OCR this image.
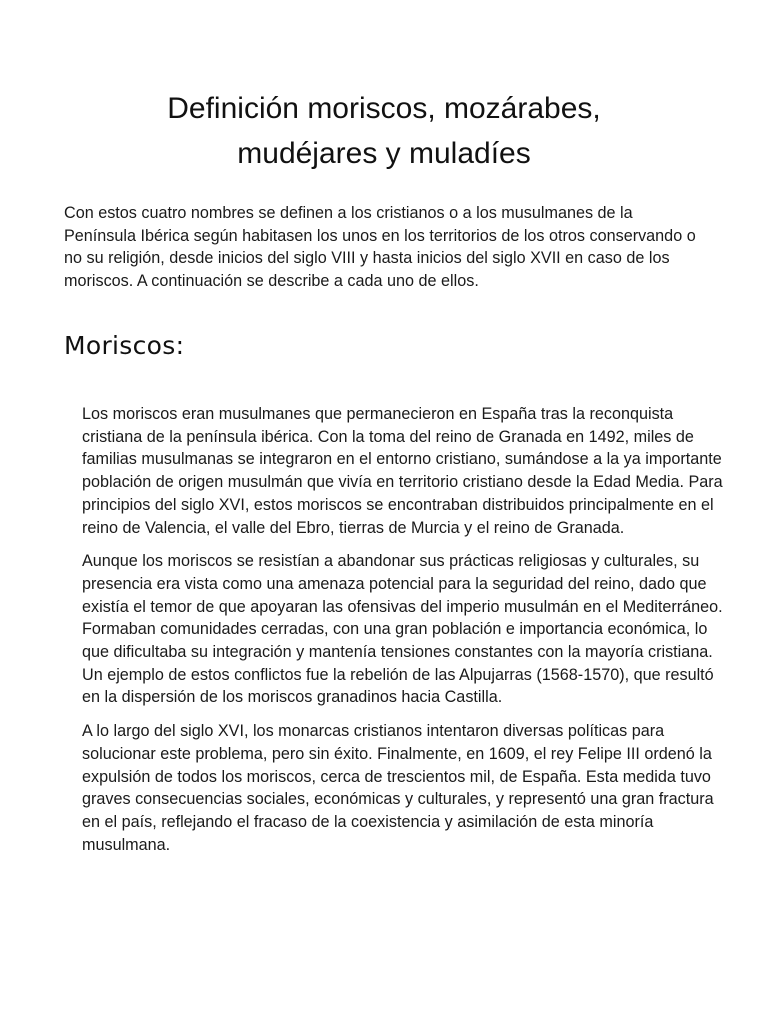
Definición moriscos, mozárabes,
mudéjares y muladíes

Con estos cuatro nombres se definen a los cristianos o a los musulmanes de la Península Ibérica según habitasen los unos en los territorios de los otros conservando o no su religión, desde inicios del siglo VIII y hasta inicios del siglo XVII en caso de los moriscos. A continuación se describe a cada uno de ellos.

Moriscos:

Los moriscos eran musulmanes que permanecieron en España tras la reconquista cristiana de la península ibérica. Con la toma del reino de Granada en 1492, miles de familias musulmanas se integraron en el entorno cristiano, sumándose a la ya importante población de origen musulmán que vivía en territorio cristiano desde la Edad Media. Para principios del siglo XVI, estos moriscos se encontraban distribuidos principalmente en el reino de Valencia, el valle del Ebro, tierras de Murcia y el reino de Granada.

Aunque los moriscos se resistían a abandonar sus prácticas religiosas y culturales, su presencia era vista como una amenaza potencial para la seguridad del reino, dado que existía el temor de que apoyaran las ofensivas del imperio musulmán en el Mediterráneo. Formaban comunidades cerradas, con una gran población e importancia económica, lo que dificultaba su integración y mantenía tensiones constantes con la mayoría cristiana. Un ejemplo de estos conflictos fue la rebelión de las Alpujarras (1568-1570), que resultó en la dispersión de los moriscos granadinos hacia Castilla.

A lo largo del siglo XVI, los monarcas cristianos intentaron diversas políticas para solucionar este problema, pero sin éxito. Finalmente, en 1609, el rey Felipe III ordenó la expulsión de todos los moriscos, cerca de trescientos mil, de España. Esta medida tuvo graves consecuencias sociales, económicas y culturales, y representó una gran fractura en el país, reflejando el fracaso de la coexistencia y asimilación de esta minoría musulmana.
